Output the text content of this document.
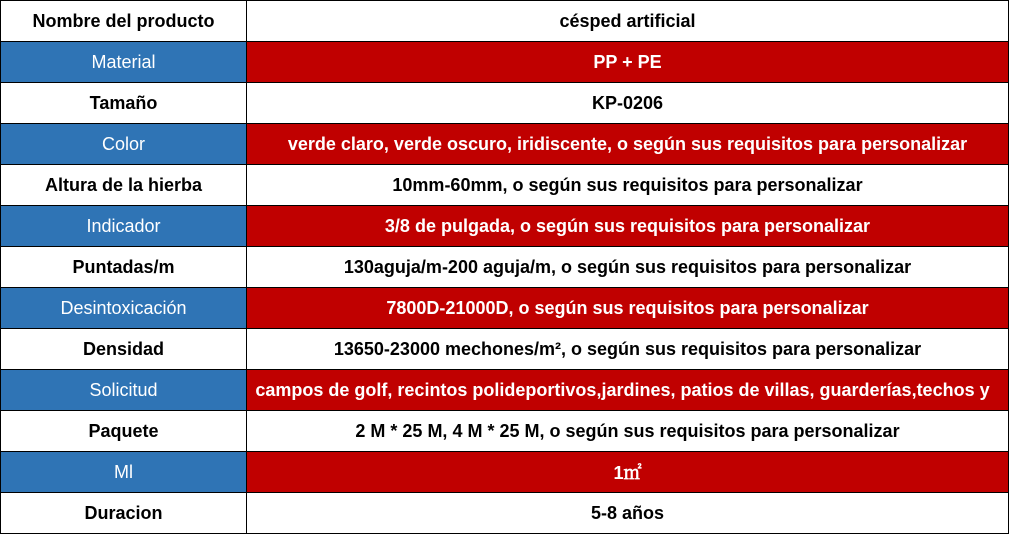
Nombre del producto	césped artificial
Material	PP + PE
Tamaño	KP-0206
Color	verde claro, verde oscuro, iridiscente, o según sus requisitos para personalizar
Altura de la hierba	10mm-60mm, o según sus requisitos para personalizar
Indicador	3/8 de pulgada, o según sus requisitos para personalizar
Puntadas/m	130aguja/m-200 aguja/m, o según sus requisitos para personalizar
Desintoxicación	7800D-21000D, o según sus requisitos para personalizar
Densidad	13650-23000 mechones/m², o según sus requisitos para personalizar
Solicitud	campos de golf, recintos polideportivos,jardines, patios de villas, guarderías,techos y
Paquete	2 M * 25 M, 4 M * 25 M, o según sus requisitos para personalizar
Ml	1㎡
Duracion	5-8 años
